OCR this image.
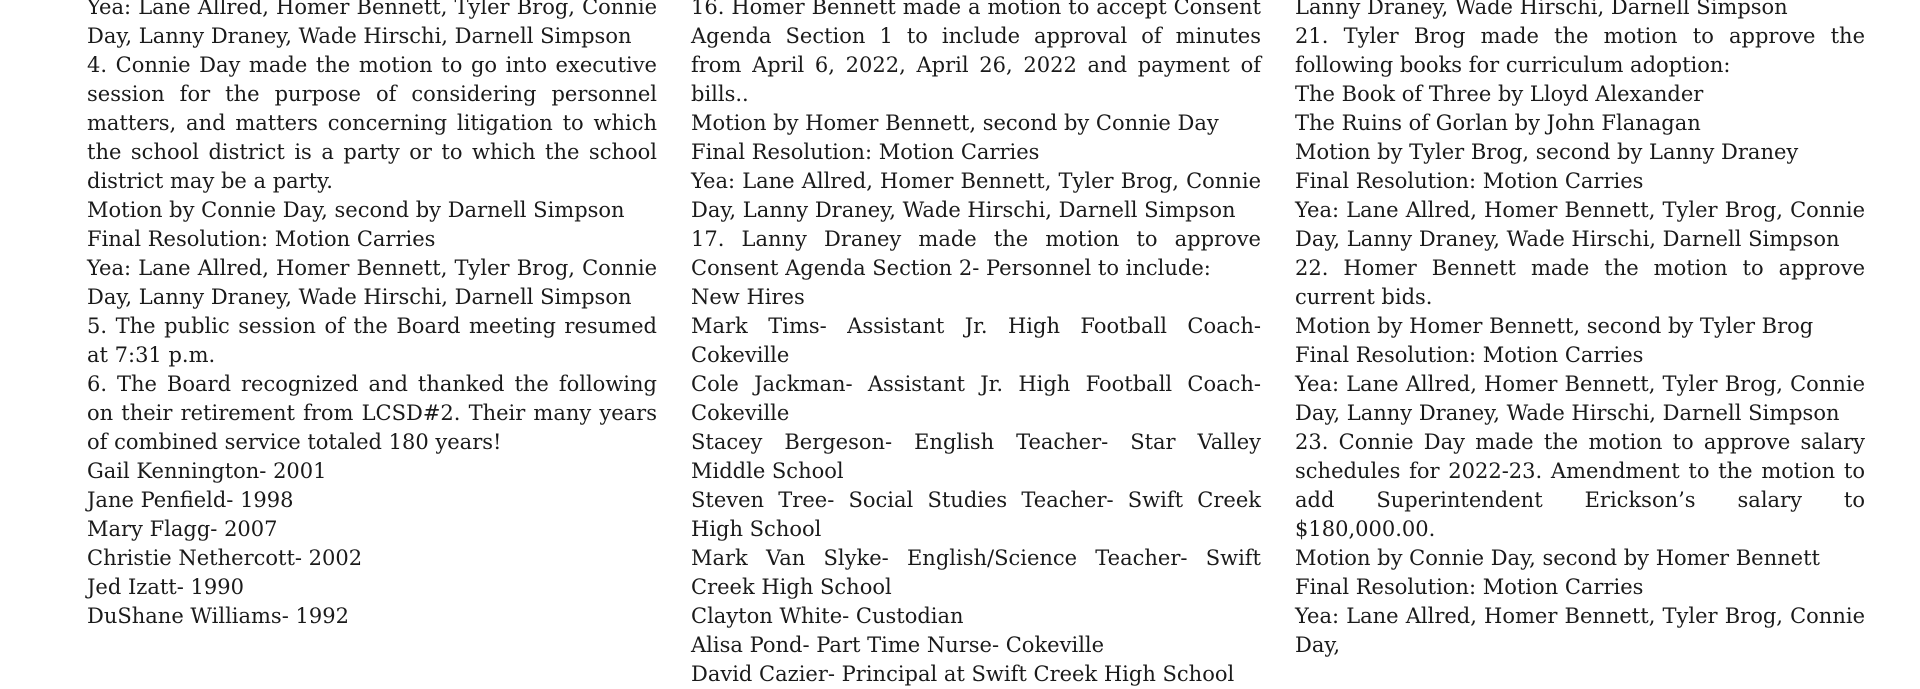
Yea: Lane Allred, Homer Bennett, Tyler Brog, Connie Day, Lanny Draney, Wade Hirschi, Darnell Simpson

4. Connie Day made the motion to go into executive session for the purpose of considering personnel matters, and matters concerning litigation to which the school district is a party or to which the school district may be a party.

Motion by Connie Day, second by Darnell Simpson

Final Resolution: Motion Carries

Yea: Lane Allred, Homer Bennett, Tyler Brog, Connie Day, Lanny Draney, Wade Hirschi, Darnell Simpson

5. The public session of the Board meeting resumed at 7:31 p.m.

6. The Board recognized and thanked the following on their retirement from LCSD#2. Their many years of combined service totaled 180 years!

Gail Kennington- 2001

Jane Penfield- 1998

Mary Flagg- 2007

Christie Nethercott- 2002

Jed Izatt- 1990

DuShane Williams- 1992

16. Homer Bennett made a motion to accept Consent Agenda Section 1 to include approval of minutes from April 6, 2022, April 26, 2022 and payment of bills..

Motion by Homer Bennett, second by Connie Day

Final Resolution: Motion Carries

Yea: Lane Allred, Homer Bennett, Tyler Brog, Connie Day, Lanny Draney, Wade Hirschi, Darnell Simpson

17. Lanny Draney made the motion to approve Consent Agenda Section 2- Personnel to include:

New Hires

Mark Tims- Assistant Jr. High Football Coach- Cokeville

Cole Jackman- Assistant Jr. High Football Coach- Cokeville

Stacey Bergeson- English Teacher- Star Valley Middle School

Steven Tree- Social Studies Teacher- Swift Creek High School

Mark Van Slyke- English/Science Teacher- Swift Creek High School

Clayton White- Custodian

Alisa Pond- Part Time Nurse- Cokeville

David Cazier- Principal at Swift Creek High School

Lanny Draney, Wade Hirschi, Darnell Simpson

21. Tyler Brog made the motion to approve the following books for curriculum adoption:

The Book of Three by Lloyd Alexander

The Ruins of Gorlan by John Flanagan

Motion by Tyler Brog, second by Lanny Draney

Final Resolution: Motion Carries

Yea: Lane Allred, Homer Bennett, Tyler Brog, Connie Day, Lanny Draney, Wade Hirschi, Darnell Simpson

22. Homer Bennett made the motion to approve current bids.

Motion by Homer Bennett, second by Tyler Brog

Final Resolution: Motion Carries

Yea: Lane Allred, Homer Bennett, Tyler Brog, Connie Day, Lanny Draney, Wade Hirschi, Darnell Simpson

23. Connie Day made the motion to approve salary schedules for 2022-23. Amendment to the motion to add Superintendent Erickson’s salary to $180,000.00.

Motion by Connie Day, second by Homer Bennett

Final Resolution: Motion Carries

Yea: Lane Allred, Homer Bennett, Tyler Brog, Connie Day,
